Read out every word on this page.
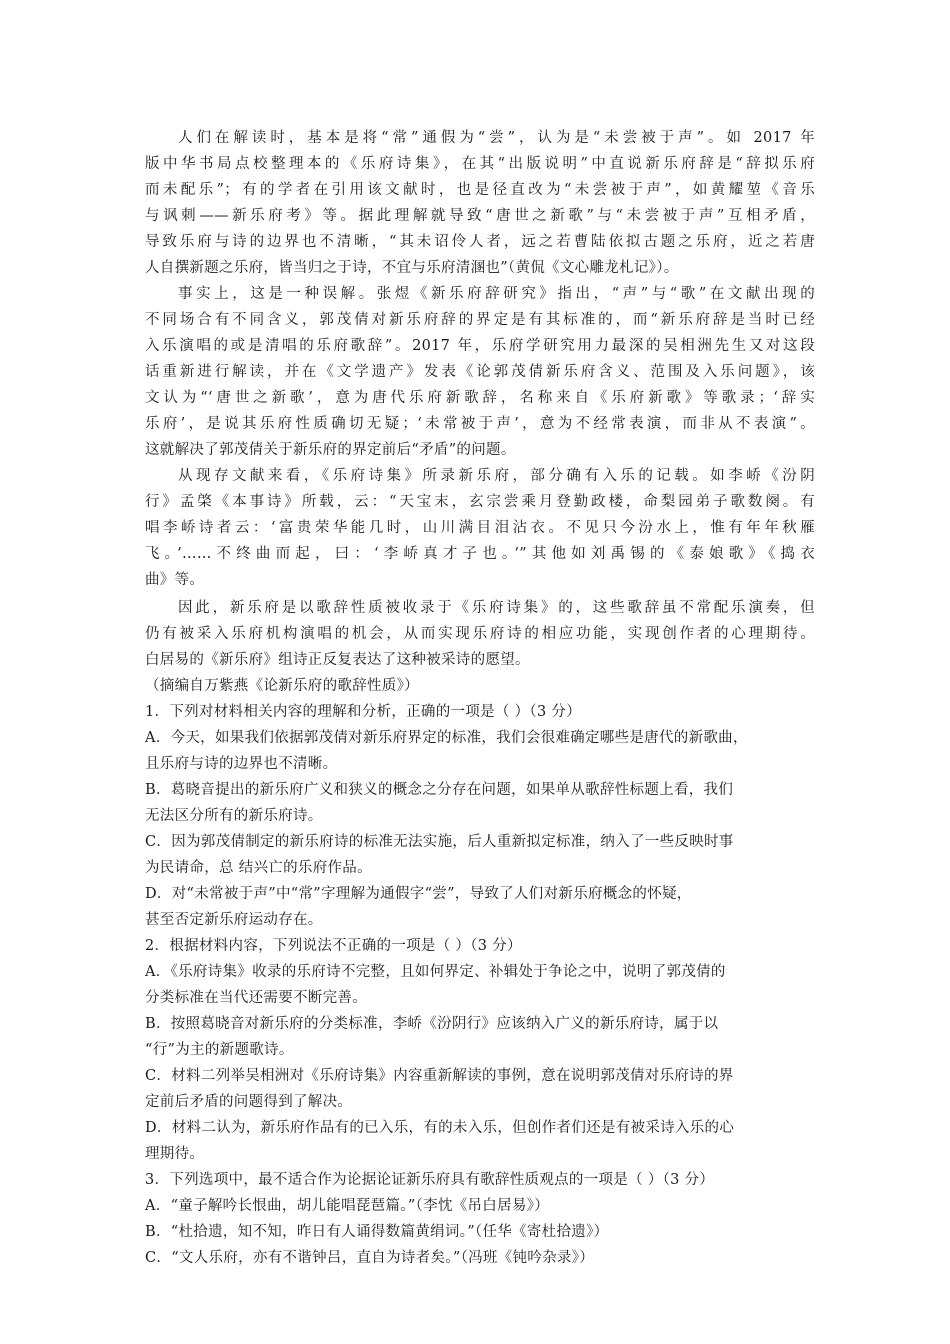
人们在解读时，基本是将“常”通假为“尝”，认为是“未尝被于声”。如 2017 年
版中华书局点校整理本的《乐府诗集》，在其“出版说明”中直说新乐府辞是“辞拟乐府
而未配乐”；有的学者在引用该文献时，也是径直改为“未尝被于声”，如黄耀堃《音乐
与讽刺——新乐府考》等。据此理解就导致“唐世之新歌”与“未尝被于声”互相矛盾，
导致乐府与诗的边界也不清晰，“其未诏伶人者，远之若曹陆依拟古题之乐府，近之若唐
人自撰新题之乐府，皆当归之于诗，不宜与乐府清溷也”（黄侃《文心雕龙札记》）。
事实上，这是一种误解。张煜《新乐府辞研究》指出，“声”与“歌”在文献出现的
不同场合有不同含义，郭茂倩对新乐府辞的界定是有其标准的，而“新乐府辞是当时已经
入乐演唱的或是清唱的乐府歌辞”。2017 年，乐府学研究用力最深的吴相洲先生又对这段
话重新进行解读，并在《文学遗产》发表《论郭茂倩新乐府含义、范围及入乐问题》，该
文认为“‘唐世之新歌’，意为唐代乐府新歌辞，名称来自《乐府新歌》等歌录；‘辞实
乐府’，是说其乐府性质确切无疑；‘未常被于声’，意为不经常表演，而非从不表演”。
这就解决了郭茂倩关于新乐府的界定前后“矛盾”的问题。
从现存文献来看，《乐府诗集》所录新乐府，部分确有入乐的记载。如李峤《汾阴
行》孟棨《本事诗》所载，云：“天宝末，玄宗尝乘月登勤政楼，命梨园弟子歌数阕。有
唱李峤诗者云：‘富贵荣华能几时，山川满目泪沾衣。不见只今汾水上，惟有年年秋雁
飞。’……不终曲而起，曰：‘李峤真才子也。’”其他如刘禹锡的《泰娘歌》《捣衣
曲》等。
因此，新乐府是以歌辞性质被收录于《乐府诗集》的，这些歌辞虽不常配乐演奏，但
仍有被采入乐府机构演唱的机会，从而实现乐府诗的相应功能，实现创作者的心理期待。
白居易的《新乐府》组诗正反复表达了这种被采诗的愿望。
（摘编自万紫燕《论新乐府的歌辞性质》）
1．下列对材料相关内容的理解和分析，正确的一项是（ ）（3 分）
A．今天，如果我们依据郭茂倩对新乐府界定的标准，我们会很难确定哪些是唐代的新歌曲，
且乐府与诗的边界也不清晰。
B．葛晓音提出的新乐府广义和狭义的概念之分存在问题，如果单从歌辞性标题上看，我们
无法区分所有的新乐府诗。
C．因为郭茂倩制定的新乐府诗的标准无法实施，后人重新拟定标准，纳入了一些反映时事
为民请命，总 结兴亡的乐府作品。
D．对“未常被于声”中“常”字理解为通假字“尝”，导致了人们对新乐府概念的怀疑，
甚至否定新乐府运动存在。
2．根据材料内容，下列说法不正确的一项是（ ）（3 分）
A．《乐府诗集》收录的乐府诗不完整，且如何界定、补辑处于争论之中，说明了郭茂倩的
分类标准在当代还需要不断完善。
B．按照葛晓音对新乐府的分类标准，李峤《汾阴行》应该纳入广义的新乐府诗，属于以
“行”为主的新题歌诗。
C．材料二列举吴相洲对《乐府诗集》内容重新解读的事例，意在说明郭茂倩对乐府诗的界
定前后矛盾的问题得到了解决。
D．材料二认为，新乐府作品有的已入乐，有的未入乐，但创作者们还是有被采诗入乐的心
理期待。
3．下列选项中，最不适合作为论据论证新乐府具有歌辞性质观点的一项是（ ）（3 分）
A．“童子解吟长恨曲，胡儿能唱琵琶篇。”（李忱《吊白居易》）
B．“杜拾遗，知不知，昨日有人诵得数篇黄绢词。”（任华《寄杜拾遗》）
C．“文人乐府，亦有不谐钟吕，直自为诗者矣。”（冯班《钝吟杂录》）
